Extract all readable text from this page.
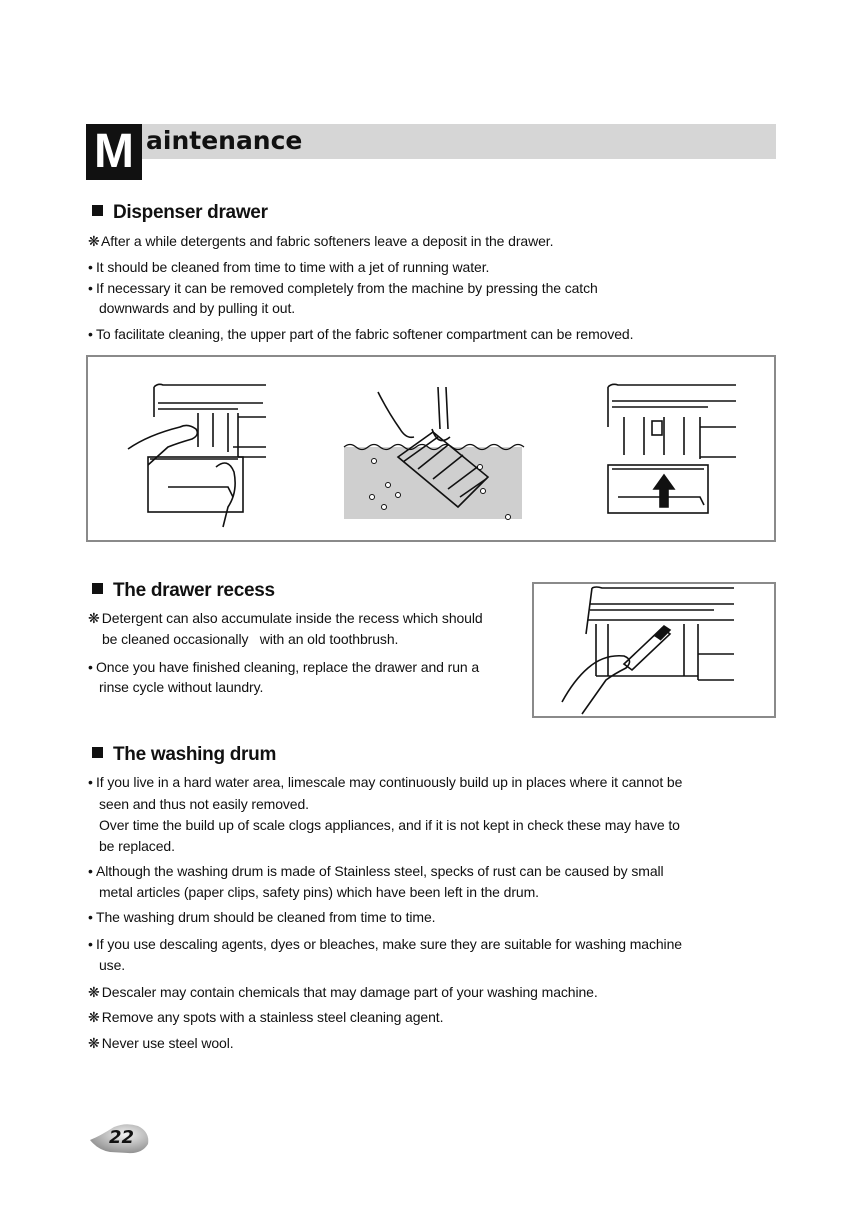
M aintenance
Dispenser drawer
❋ After a while detergents and fabric softeners leave a deposit in the drawer.
• It should be cleaned from time to time with a jet of running water.
• If necessary it can be removed completely from the machine by pressing the catch
downwards and by pulling it out.
• To facilitate cleaning, the upper part of the fabric softener compartment can be removed.
The drawer recess
❋ Detergent can also accumulate inside the recess which should
be cleaned occasionally   with an old toothbrush.
• Once you have finished cleaning, replace the drawer and run a
rinse cycle without laundry.
The washing drum
• If you live in a hard water area, limescale may continuously build up in places where it cannot be
seen and thus not easily removed.
Over time the build up of scale clogs appliances, and if it is not kept in check these may have to
be replaced.
• Although the washing drum is made of Stainless steel, specks of rust can be caused by small
metal articles (paper clips, safety pins) which have been left in the drum.
• The washing drum should be cleaned from time to time.
• If you use descaling agents, dyes or bleaches, make sure they are suitable for washing machine
use.
❋ Descaler may contain chemicals that may damage part of your washing machine.
❋ Remove any spots with a stainless steel cleaning agent.
❋ Never use steel wool.
22
